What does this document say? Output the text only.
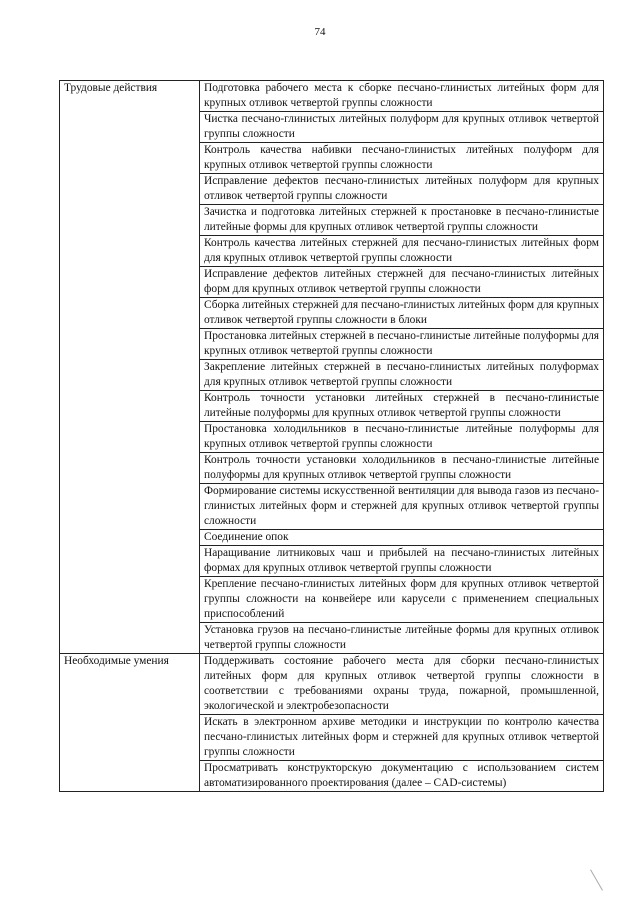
74
Трудовые действия	Подготовка рабочего места к сборке песчано-глинистых литейных форм для крупных отливок четвертой группы сложности
	Чистка песчано-глинистых литейных полуформ для крупных отливок четвертой группы сложности
	Контроль качества набивки песчано-глинистых литейных полуформ для крупных отливок четвертой группы сложности
	Исправление дефектов песчано-глинистых литейных полуформ для крупных отливок четвертой группы сложности
	Зачистка и подготовка литейных стержней к простановке в песчано-глинистые литейные формы для крупных отливок четвертой группы сложности
	Контроль качества литейных стержней для песчано-глинистых литейных форм для крупных отливок четвертой группы сложности
	Исправление дефектов литейных стержней для песчано-глинистых литейных форм для крупных отливок четвертой группы сложности
	Сборка литейных стержней для песчано-глинистых литейных форм для крупных отливок четвертой группы сложности в блоки
	Простановка литейных стержней в песчано-глинистые литейные полуформы для крупных отливок четвертой группы сложности
	Закрепление литейных стержней в песчано-глинистых литейных полуформах для крупных отливок четвертой группы сложности
	Контроль точности установки литейных стержней в песчано-глинистые литейные полуформы для крупных отливок четвертой группы сложности
	Простановка холодильников в песчано-глинистые литейные полуформы для крупных отливок четвертой группы сложности
	Контроль точности установки холодильников в песчано-глинистые литейные полуформы для крупных отливок четвертой группы сложности
	Формирование системы искусственной вентиляции для вывода газов из песчано-глинистых литейных форм и стержней для крупных отливок четвертой группы сложности
	Соединение опок
	Наращивание литниковых чаш и прибылей на песчано-глинистых литейных формах для крупных отливок четвертой группы сложности
	Крепление песчано-глинистых литейных форм для крупных отливок четвертой группы сложности на конвейере или карусели с применением специальных приспособлений
	Установка грузов на песчано-глинистые литейные формы для крупных отливок четвертой группы сложности
Необходимые умения	Поддерживать состояние рабочего места для сборки песчано-глинистых литейных форм для крупных отливок четвертой группы сложности в соответствии с требованиями охраны труда, пожарной, промышленной, экологической и электробезопасности
	Искать в электронном архиве методики и инструкции по контролю качества песчано-глинистых литейных форм и стержней для крупных отливок четвертой группы сложности
	Просматривать конструкторскую документацию с использованием систем автоматизированного проектирования (далее – CAD-системы)
